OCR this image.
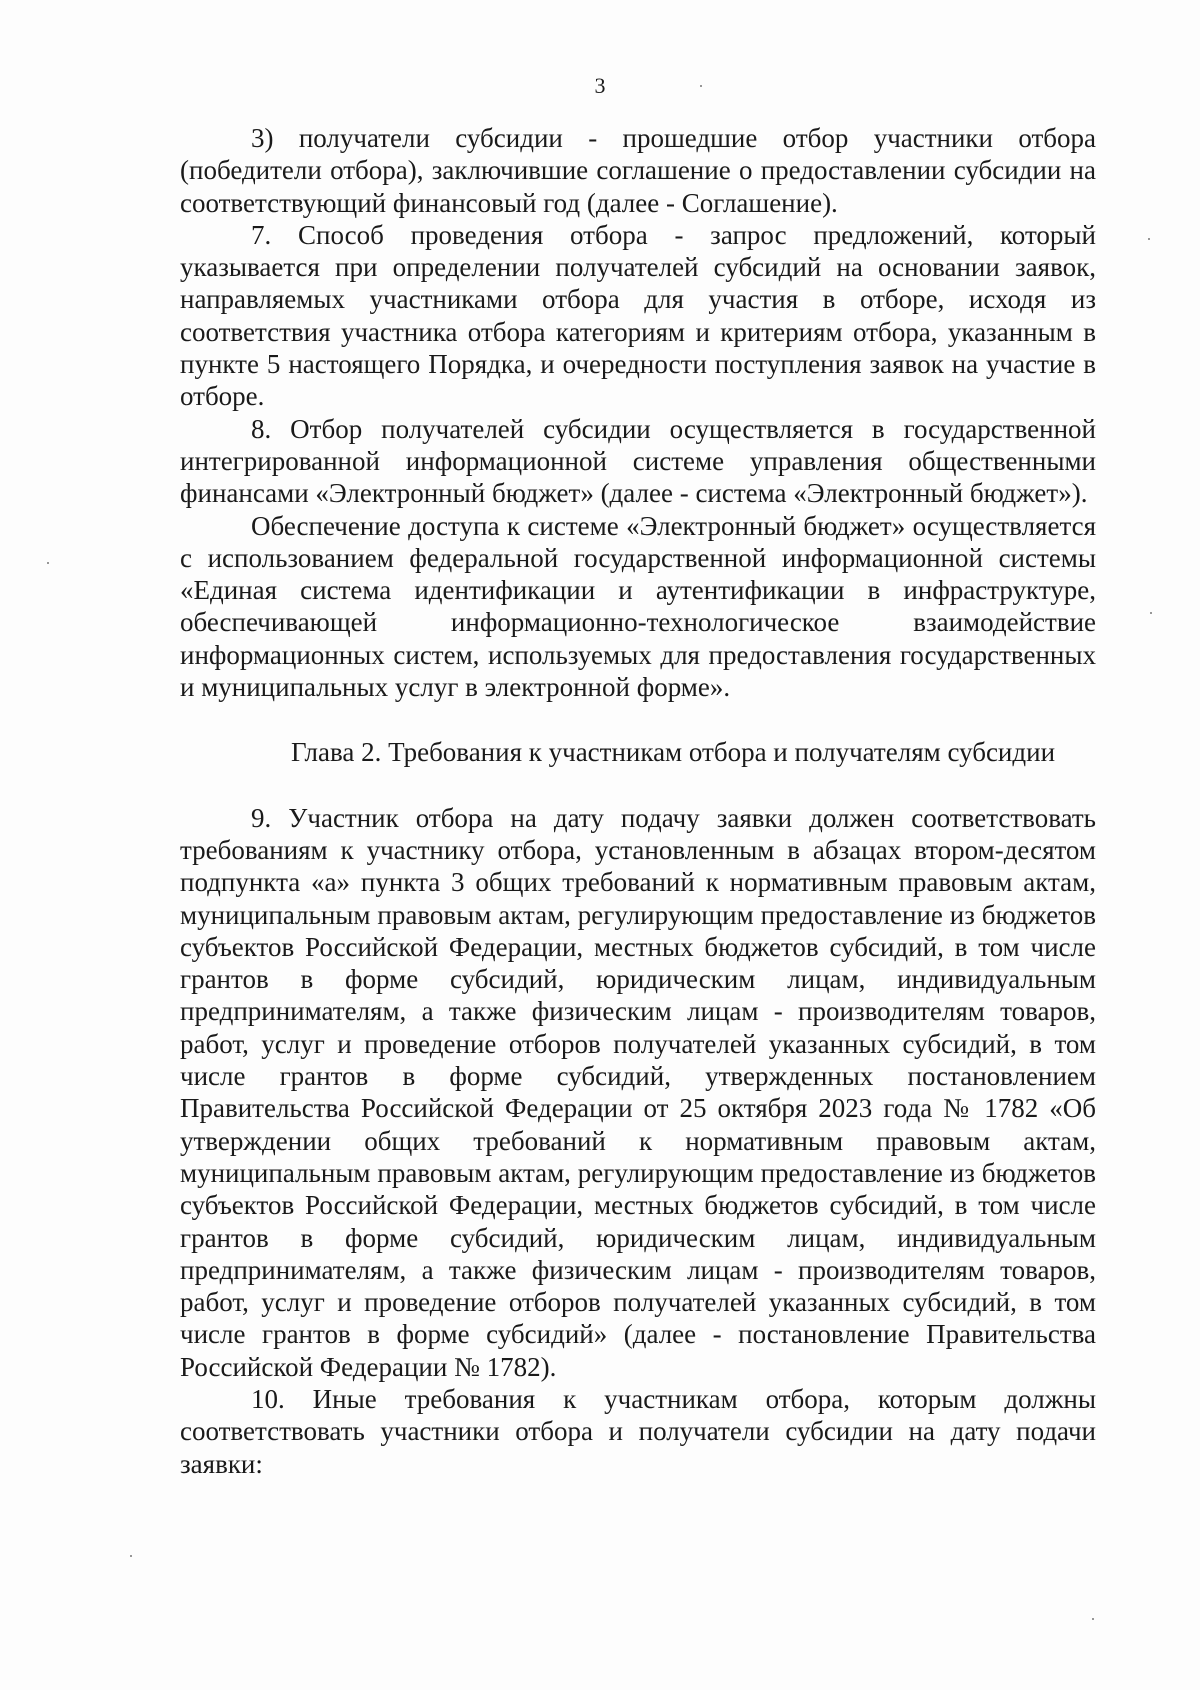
3

3) получатели субсидии - прошедшие отбор участники отбора (победители отбора), заключившие соглашение о предоставлении субсидии на соответствующий финансовый год (далее - Соглашение).

7. Способ проведения отбора - запрос предложений, который указывается при определении получателей субсидий на основании заявок, направляемых участниками отбора для участия в отборе, исходя из соответствия участника отбора категориям и критериям отбора, указанным в пункте 5 настоящего Порядка, и очередности поступления заявок на участие в отборе.

8. Отбор получателей субсидии осуществляется в государственной интегрированной информационной системе управления общественными финансами «Электронный бюджет» (далее - система «Электронный бюджет»).

Обеспечение доступа к системе «Электронный бюджет» осуществляется с использованием федеральной государственной информационной системы «Единая система идентификации и аутентификации в инфраструктуре, обеспечивающей информационно-технологическое взаимодействие информационных систем, используемых для предоставления государственных и муниципальных услуг в электронной форме».

Глава 2. Требования к участникам отбора и получателям субсидии

9. Участник отбора на дату подачу заявки должен соответствовать требованиям к участнику отбора, установленным в абзацах втором-десятом подпункта «а» пункта 3 общих требований к нормативным правовым актам, муниципальным правовым актам, регулирующим предоставление из бюджетов субъектов Российской Федерации, местных бюджетов субсидий, в том числе грантов в форме субсидий, юридическим лицам, индивидуальным предпринимателям, а также физическим лицам - производителям товаров, работ, услуг и проведение отборов получателей указанных субсидий, в том числе грантов в форме субсидий, утвержденных постановлением Правительства Российской Федерации от 25 октября 2023 года № 1782 «Об утверждении общих требований к нормативным правовым актам, муниципальным правовым актам, регулирующим предоставление из бюджетов субъектов Российской Федерации, местных бюджетов субсидий, в том числе грантов в форме субсидий, юридическим лицам, индивидуальным предпринимателям, а также физическим лицам - производителям товаров, работ, услуг и проведение отборов получателей указанных субсидий, в том числе грантов в форме субсидий» (далее - постановление Правительства Российской Федерации № 1782).

10. Иные требования к участникам отбора, которым должны соответствовать участники отбора и получатели субсидии на дату подачи заявки:
